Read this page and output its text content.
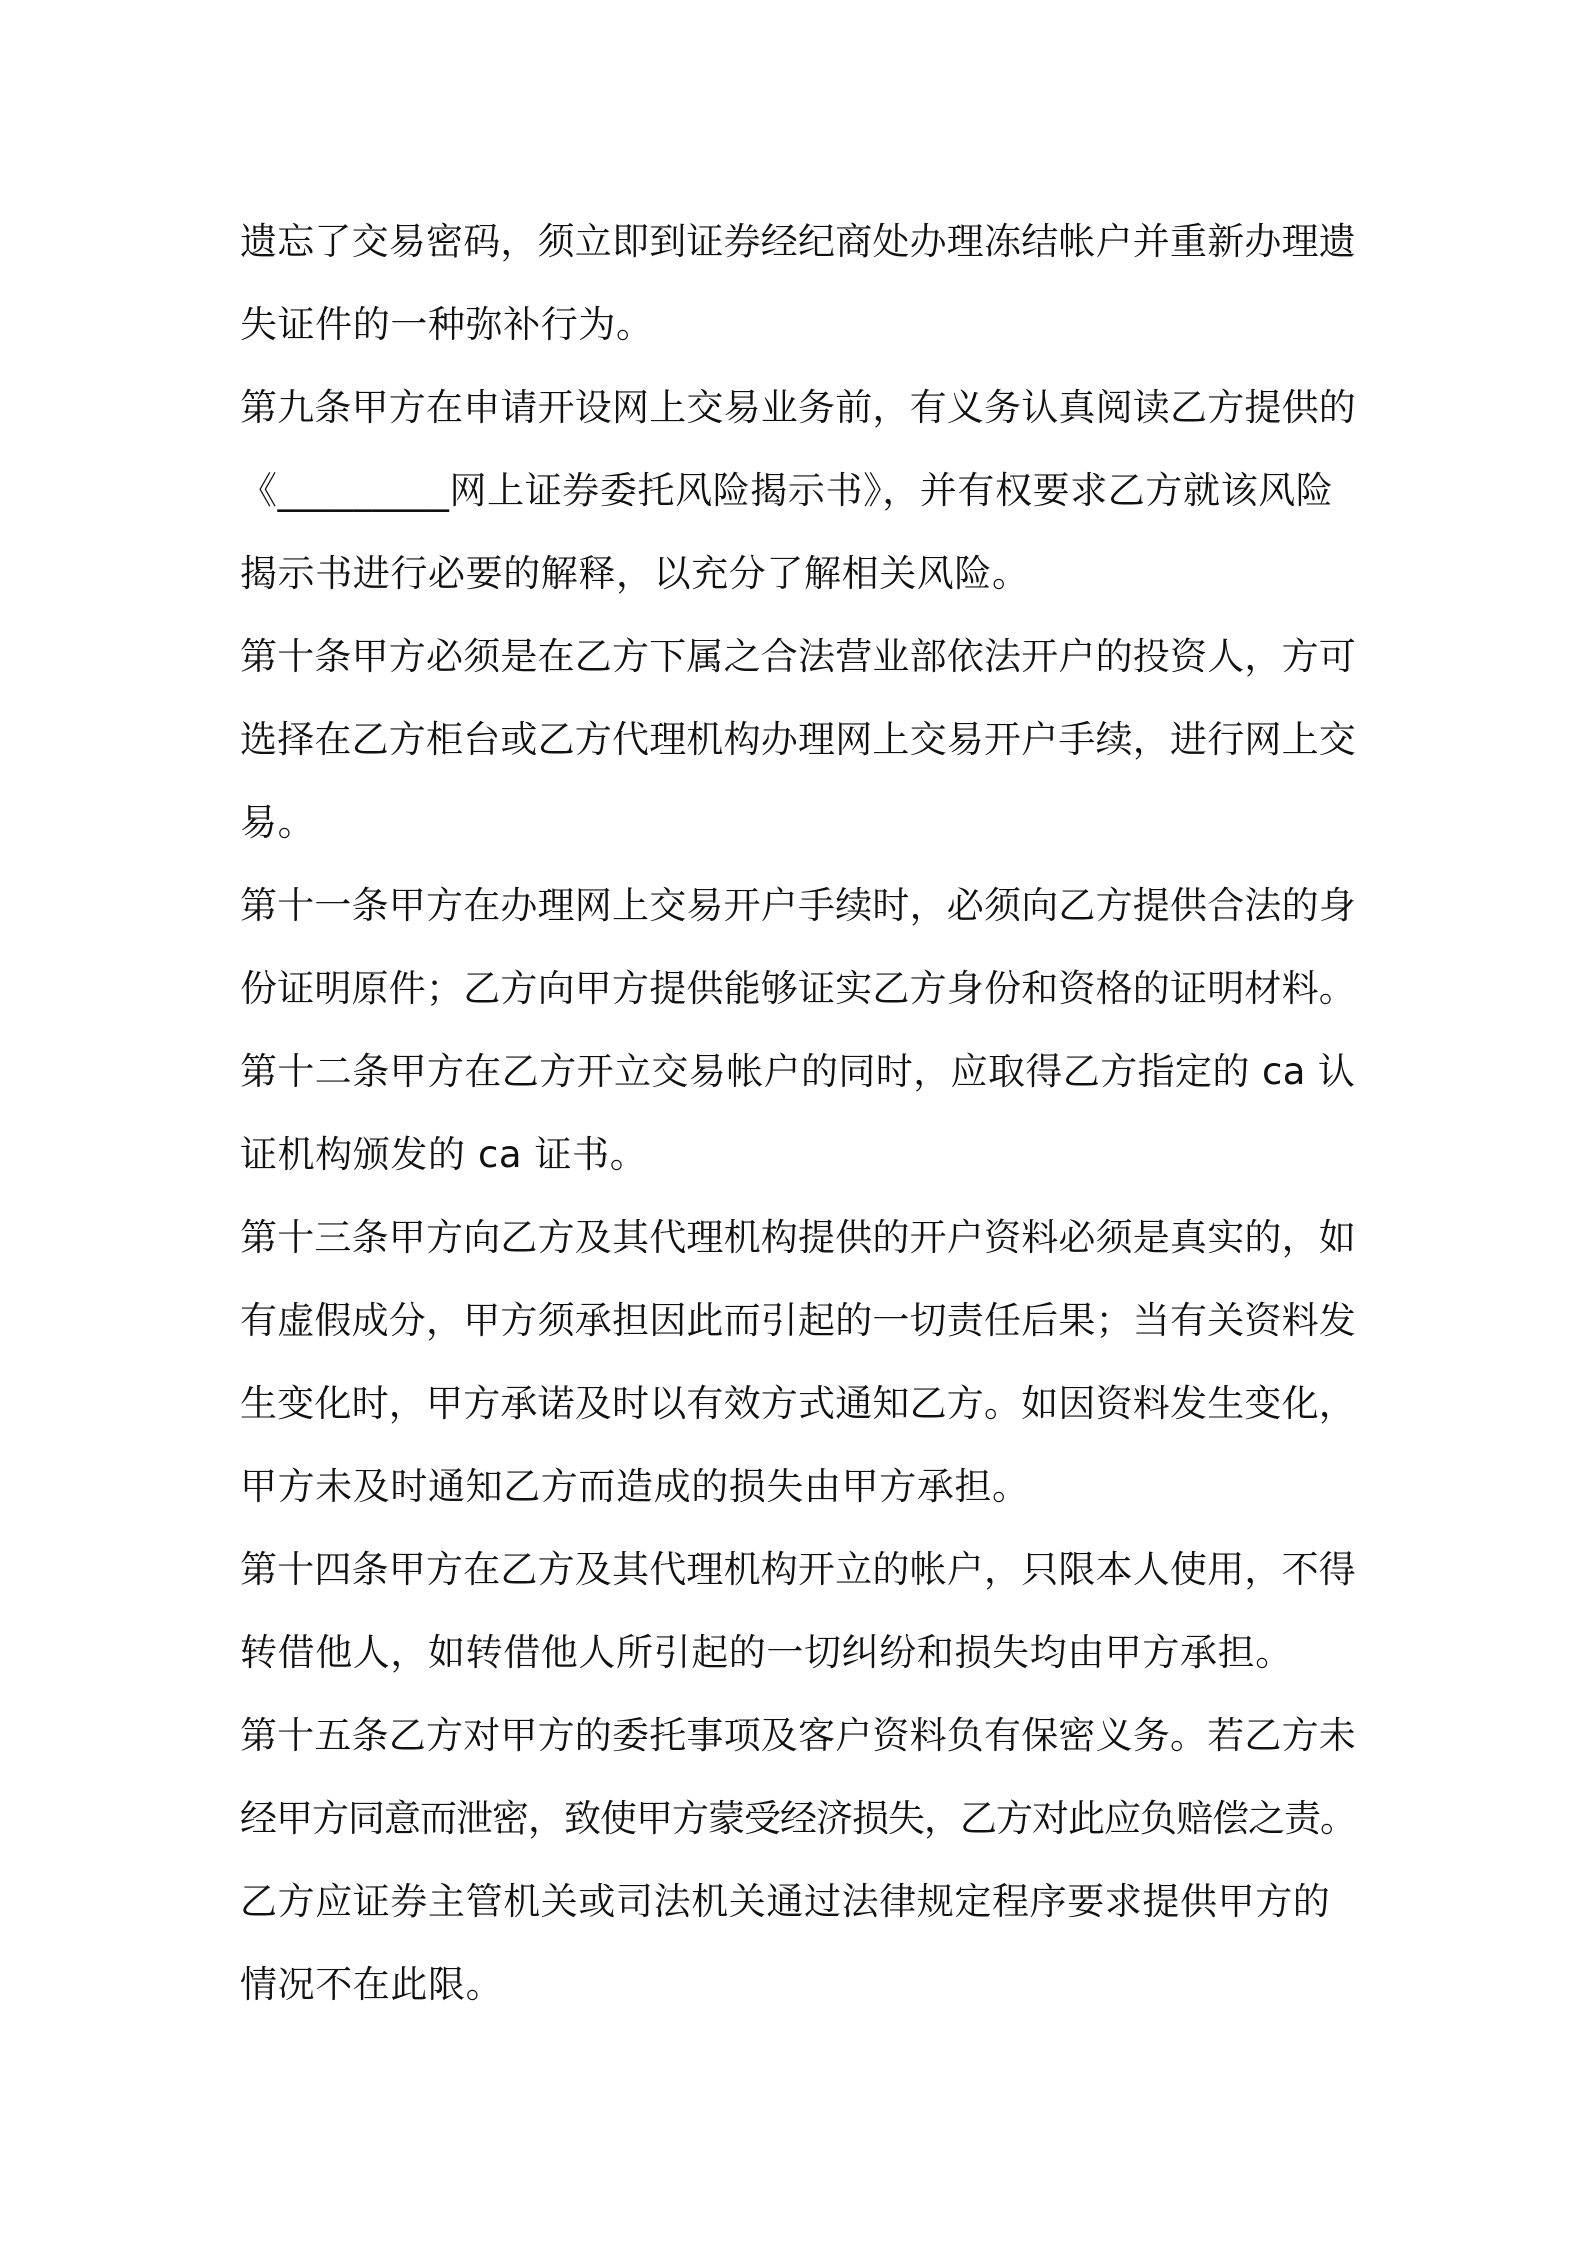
遗忘了交易密码，须立即到证券经纪商处办理冻结帐户并重新办理遗
失证件的一种弥补行为。
第九条甲方在申请开设网上交易业务前，有义务认真阅读乙方提供的
《_________网上证券委托风险揭示书》，并有权要求乙方就该风险
揭示书进行必要的解释，以充分了解相关风险。
第十条甲方必须是在乙方下属之合法营业部依法开户的投资人，方可
选择在乙方柜台或乙方代理机构办理网上交易开户手续，进行网上交
易。
第十一条甲方在办理网上交易开户手续时，必须向乙方提供合法的身
份证明原件；乙方向甲方提供能够证实乙方身份和资格的证明材料。
第十二条甲方在乙方开立交易帐户的同时，应取得乙方指定的 ca 认
证机构颁发的 ca 证书。
第十三条甲方向乙方及其代理机构提供的开户资料必须是真实的，如
有虚假成分，甲方须承担因此而引起的一切责任后果；当有关资料发
生变化时，甲方承诺及时以有效方式通知乙方。如因资料发生变化，
甲方未及时通知乙方而造成的损失由甲方承担。
第十四条甲方在乙方及其代理机构开立的帐户，只限本人使用，不得
转借他人，如转借他人所引起的一切纠纷和损失均由甲方承担。
第十五条乙方对甲方的委托事项及客户资料负有保密义务。若乙方未
经甲方同意而泄密，致使甲方蒙受经济损失，乙方对此应负赔偿之责。
乙方应证券主管机关或司法机关通过法律规定程序要求提供甲方的
情况不在此限。
